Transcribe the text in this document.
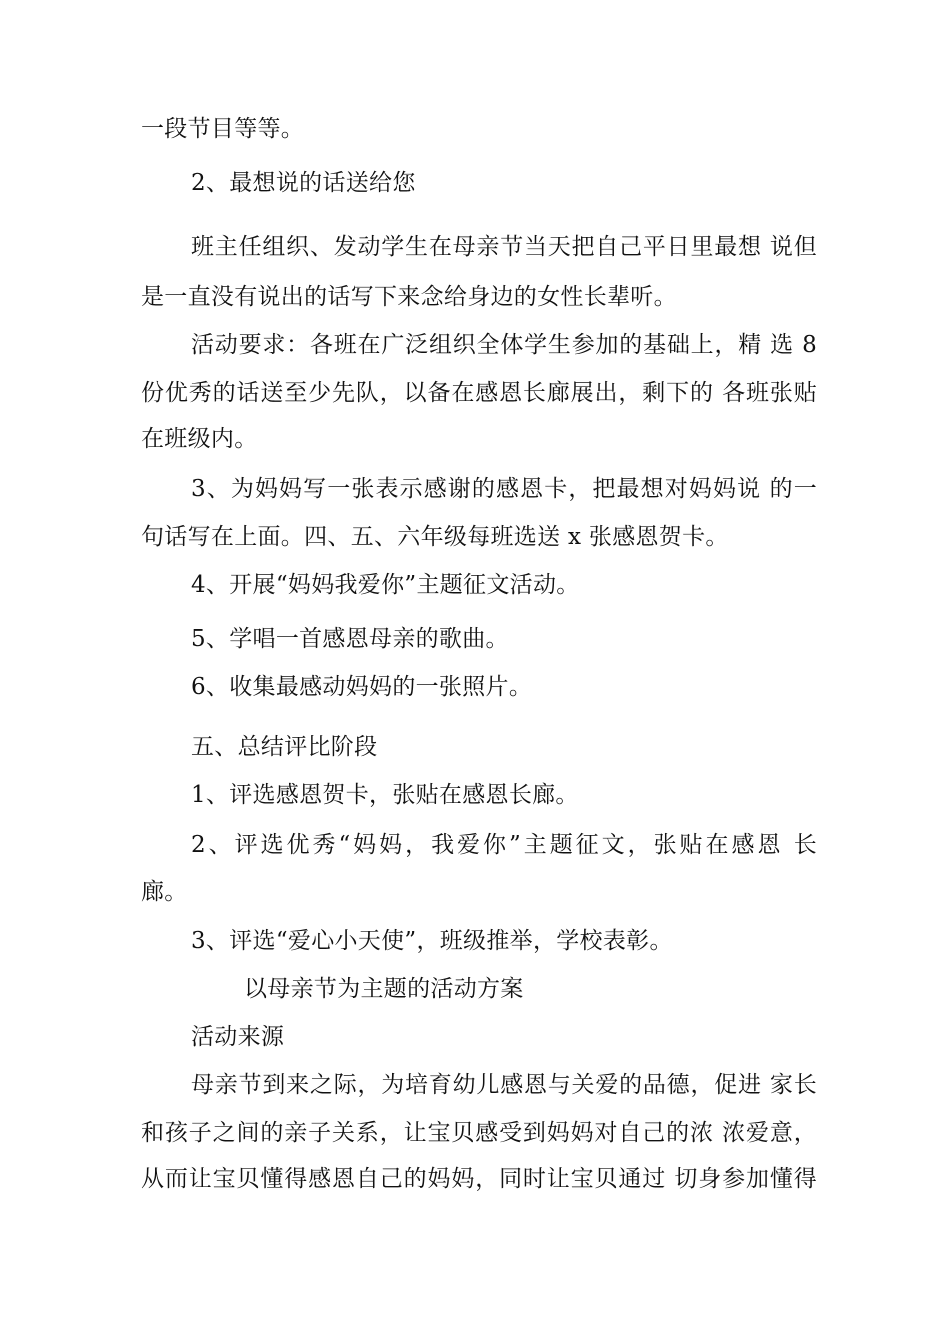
一段节目等等。
2、最想说的话送给您
班主任组织、发动学生在母亲节当天把自己平日里最想 说但
是一直没有说出的话写下来念给身边的女性长辈听。
活动要求：各班在广泛组织全体学生参加的基础上，精 选 8
份优秀的话送至少先队，以备在感恩长廊展出，剩下的 各班张贴
在班级内。
3、为妈妈写一张表示感谢的感恩卡，把最想对妈妈说 的一
句话写在上面。四、五、六年级每班选送 x 张感恩贺卡。
4、开展“妈妈我爱你”主题征文活动。
5、学唱一首感恩母亲的歌曲。
6、收集最感动妈妈的一张照片。
五、总结评比阶段
1、评选感恩贺卡，张贴在感恩长廊。
2、评选优秀“妈妈，我爱你”主题征文，张贴在感恩 长
廊。
3、评选“爱心小天使”，班级推举，学校表彰。
以母亲节为主题的活动方案
活动来源
母亲节到来之际，为培育幼儿感恩与关爱的品德，促进 家长
和孩子之间的亲子关系，让宝贝感受到妈妈对自己的浓 浓爱意，
从而让宝贝懂得感恩自己的妈妈，同时让宝贝通过 切身参加懂得
